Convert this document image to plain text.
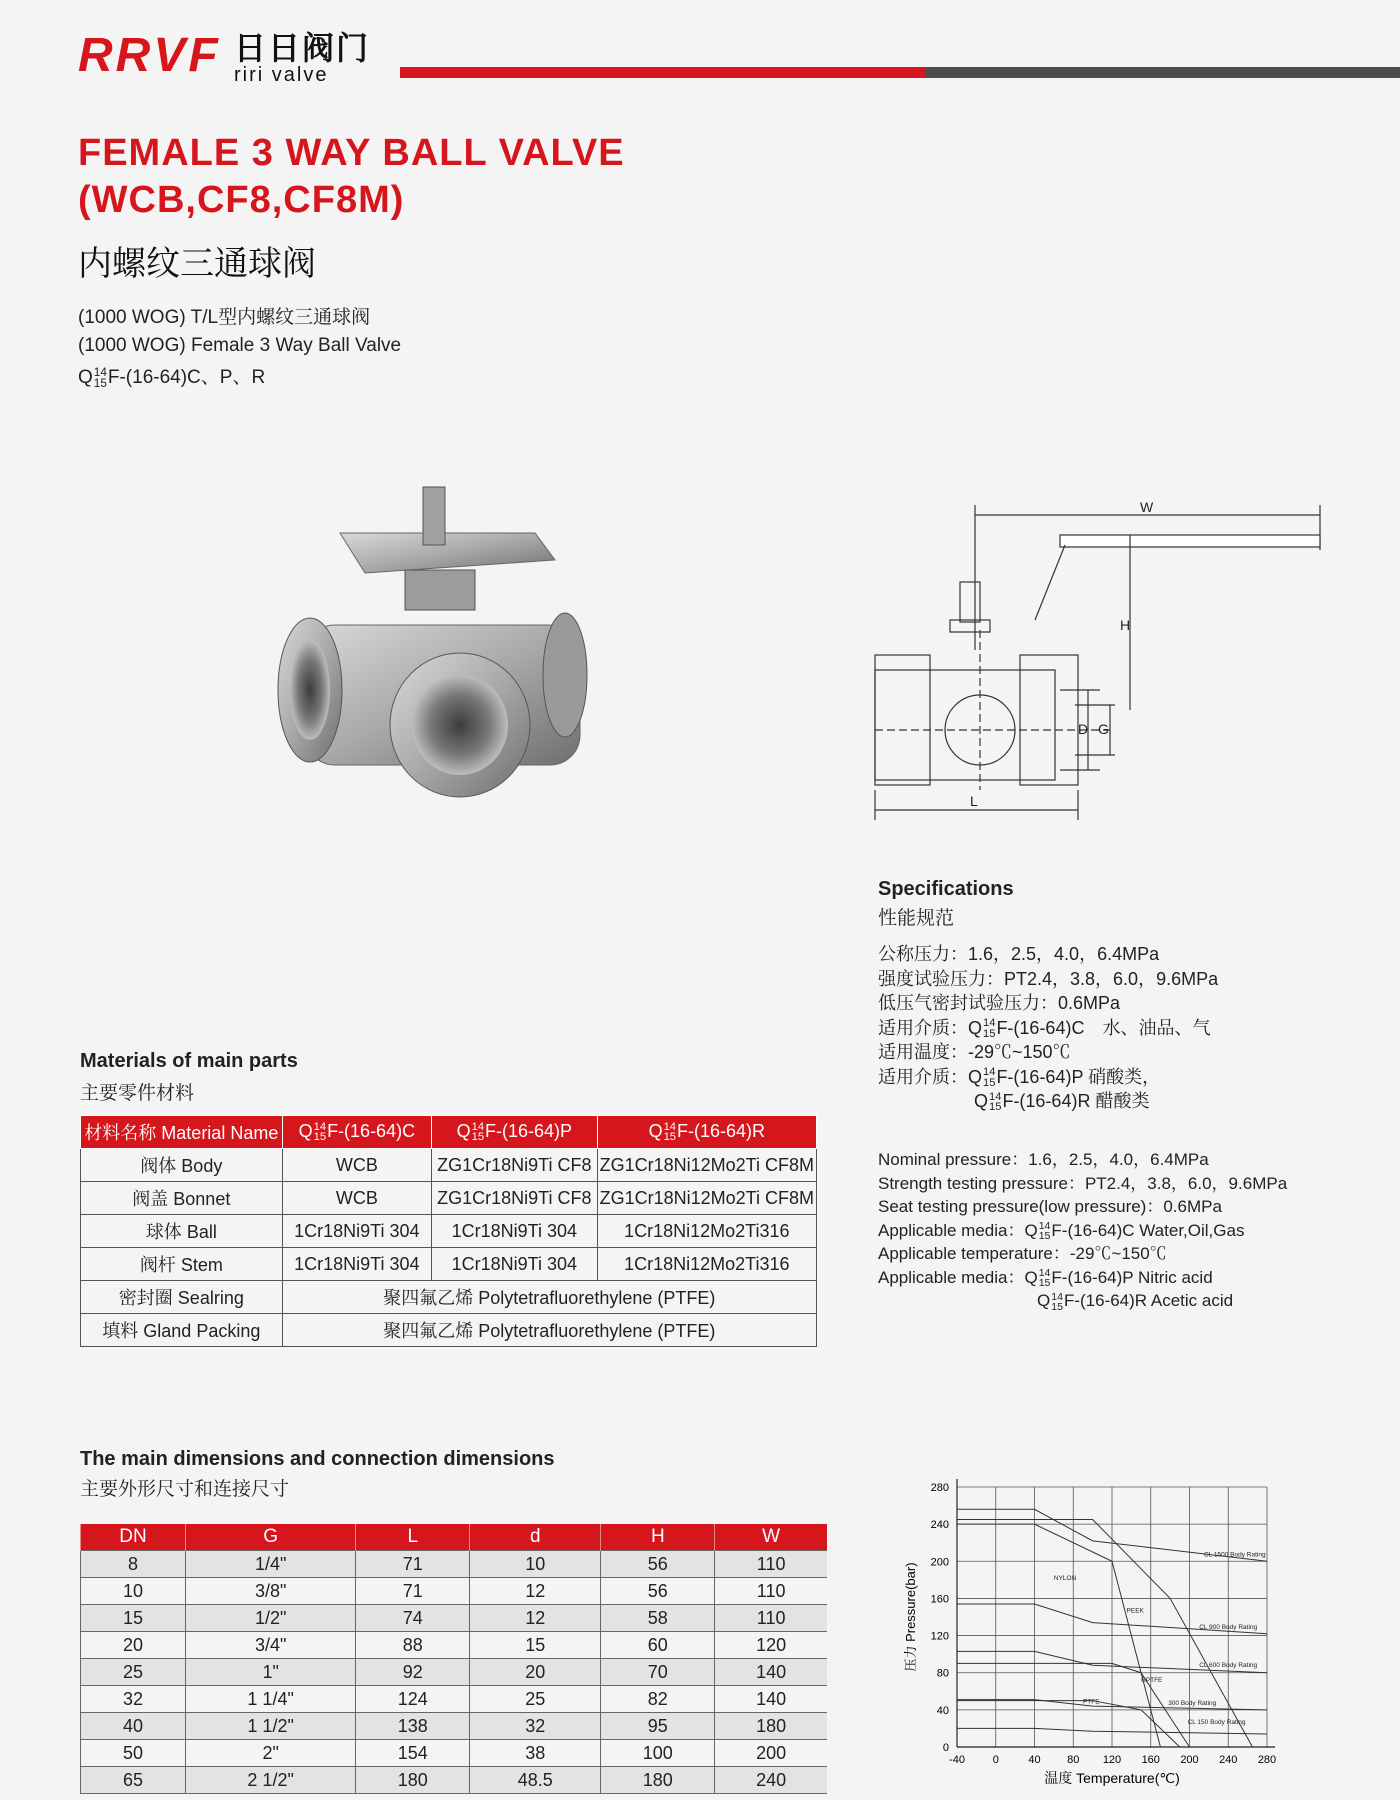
RRVF 日日阀门
riri valve
FEMALE 3 WAY BALL VALVE
(WCB,CF8,CF8M)
内螺纹三通球阀
(1000 WOG) T/L型内螺纹三通球阀
(1000 WOG) Female 3 Way Ball Valve
Q 14
15 F-(16-64)C、P、R
W
H
D G
L
Specifications
性能规范
公称压力：1.6，2.5，4.0，6.4MPa
强度试验压力：PT2.4，3.8，6.0，9.6MPa
低压气密封试验压力：0.6MPa
适用介质：Q 14
15 F-(16-64)C　水、油品、气
适用温度：-29℃~150℃
适用介质：Q 14
15 F-(16-64)P 硝酸类，
Q 14
15 F-(16-64)R 醋酸类
Nominal pressure：1.6，2.5，4.0，6.4MPa
Strength testing pressure：PT2.4，3.8，6.0，9.6MPa
Seat testing pressure(low pressure)：0.6MPa
Applicable media：Q 14
15 F-(16-64)C Water,Oil,Gas
Applicable temperature：-29℃~150℃
Applicable media：Q 14
15 F-(16-64)P Nitric acid
Q 14
15 F-(16-64)R Acetic acid
Materials of main parts
主要零件材料
材料名称 Material Name	Q 14
15 F-(16-64)C	Q 14
15 F-(16-64)P	Q 14
15 F-(16-64)R
阀体 Body	WCB	ZG1Cr18Ni9Ti CF8	ZG1Cr18Ni12Mo2Ti CF8M
阀盖 Bonnet	WCB	ZG1Cr18Ni9Ti CF8	ZG1Cr18Ni12Mo2Ti CF8M
球体 Ball	1Cr18Ni9Ti 304	1Cr18Ni9Ti 304	1Cr18Ni12Mo2Ti316
阀杆 Stem	1Cr18Ni9Ti 304	1Cr18Ni9Ti 304	1Cr18Ni12Mo2Ti316
密封圈 Sealring	聚四氟乙烯 Polytetrafluorethylene (PTFE)		
填料 Gland Packing	聚四氟乙烯 Polytetrafluorethylene (PTFE)		
The main dimensions and connection dimensions
主要外形尺寸和连接尺寸
DN	G	L	d	H	W
8	1/4"	71	10	56	110
10	3/8"	71	12	56	110
15	1/2"	74	12	58	110
20	3/4"	88	15	60	120
25	1"	92	20	70	140
32	1 1/4"	124	25	82	140
40	1 1/2"	138	32	95	180
50	2"	154	38	100	200
65	2 1/2"	180	48.5	180	240
-40	0	40 80 120 160 200 240 280
0
40
80
120
160
200
240
280
CL 1500 Body Rating
NYLON
PEEK
CL 900 Body Rating
CL 600 Body Rating
RPTFE
PTFE	300 Body Rating
CL 150 Body Rating
温度 Temperature(℃)
压力 Pressure(bar)
